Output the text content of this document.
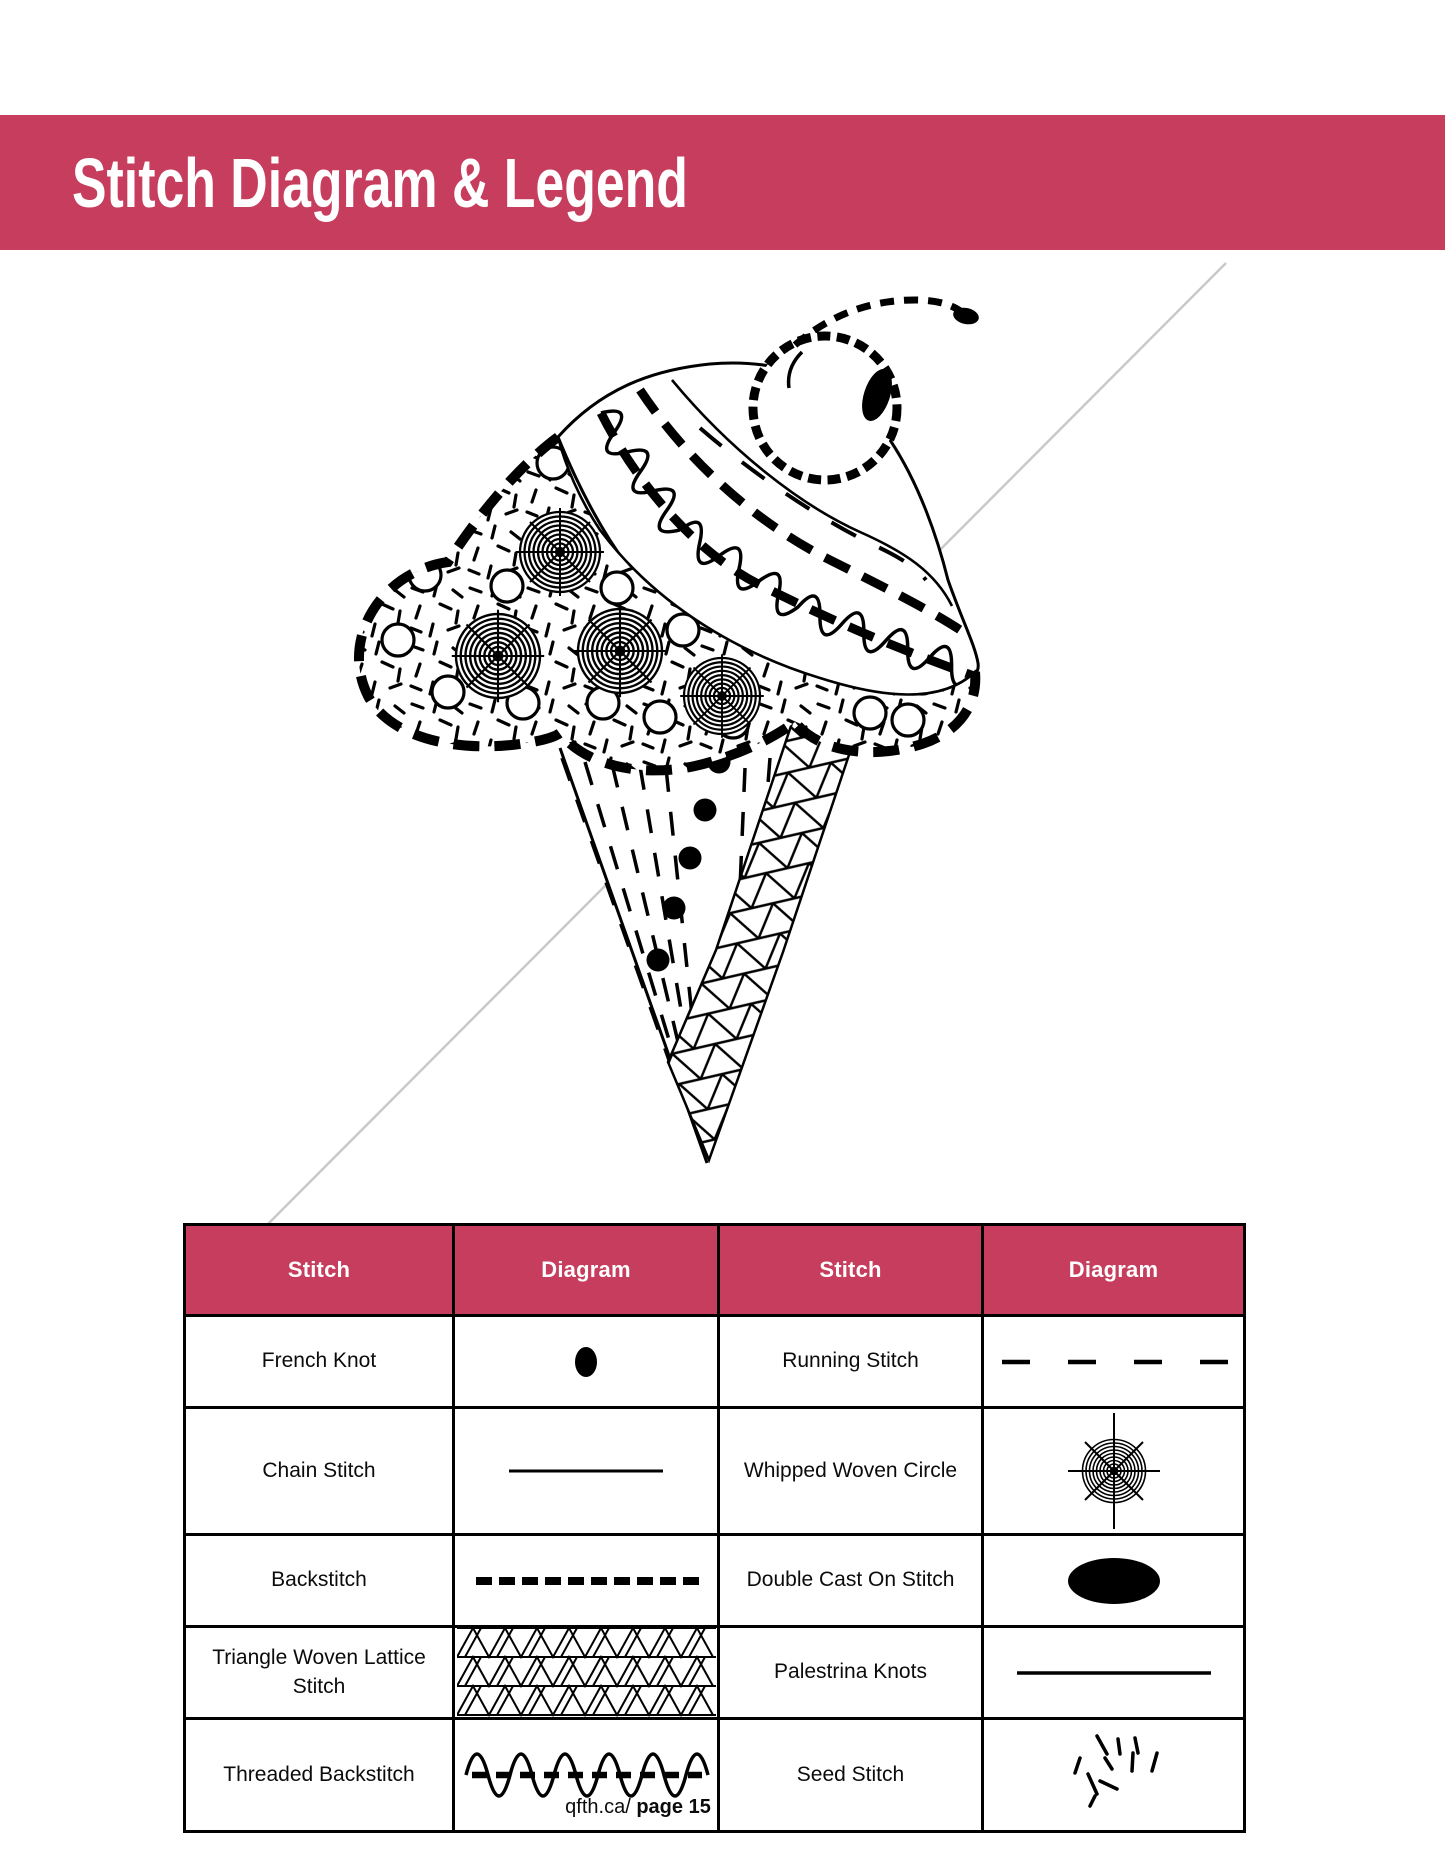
Stitch Diagram & Legend
Stitch	Diagram	Stitch	Diagram
French Knot		Running Stitch	
Chain Stitch		Whipped Woven Circle	
Backstitch		Double Cast On Stitch	
Triangle Woven Lattice Stitch		Palestrina Knots	
Threaded Backstitch		Seed Stitch	
qfth.ca/ page 15
